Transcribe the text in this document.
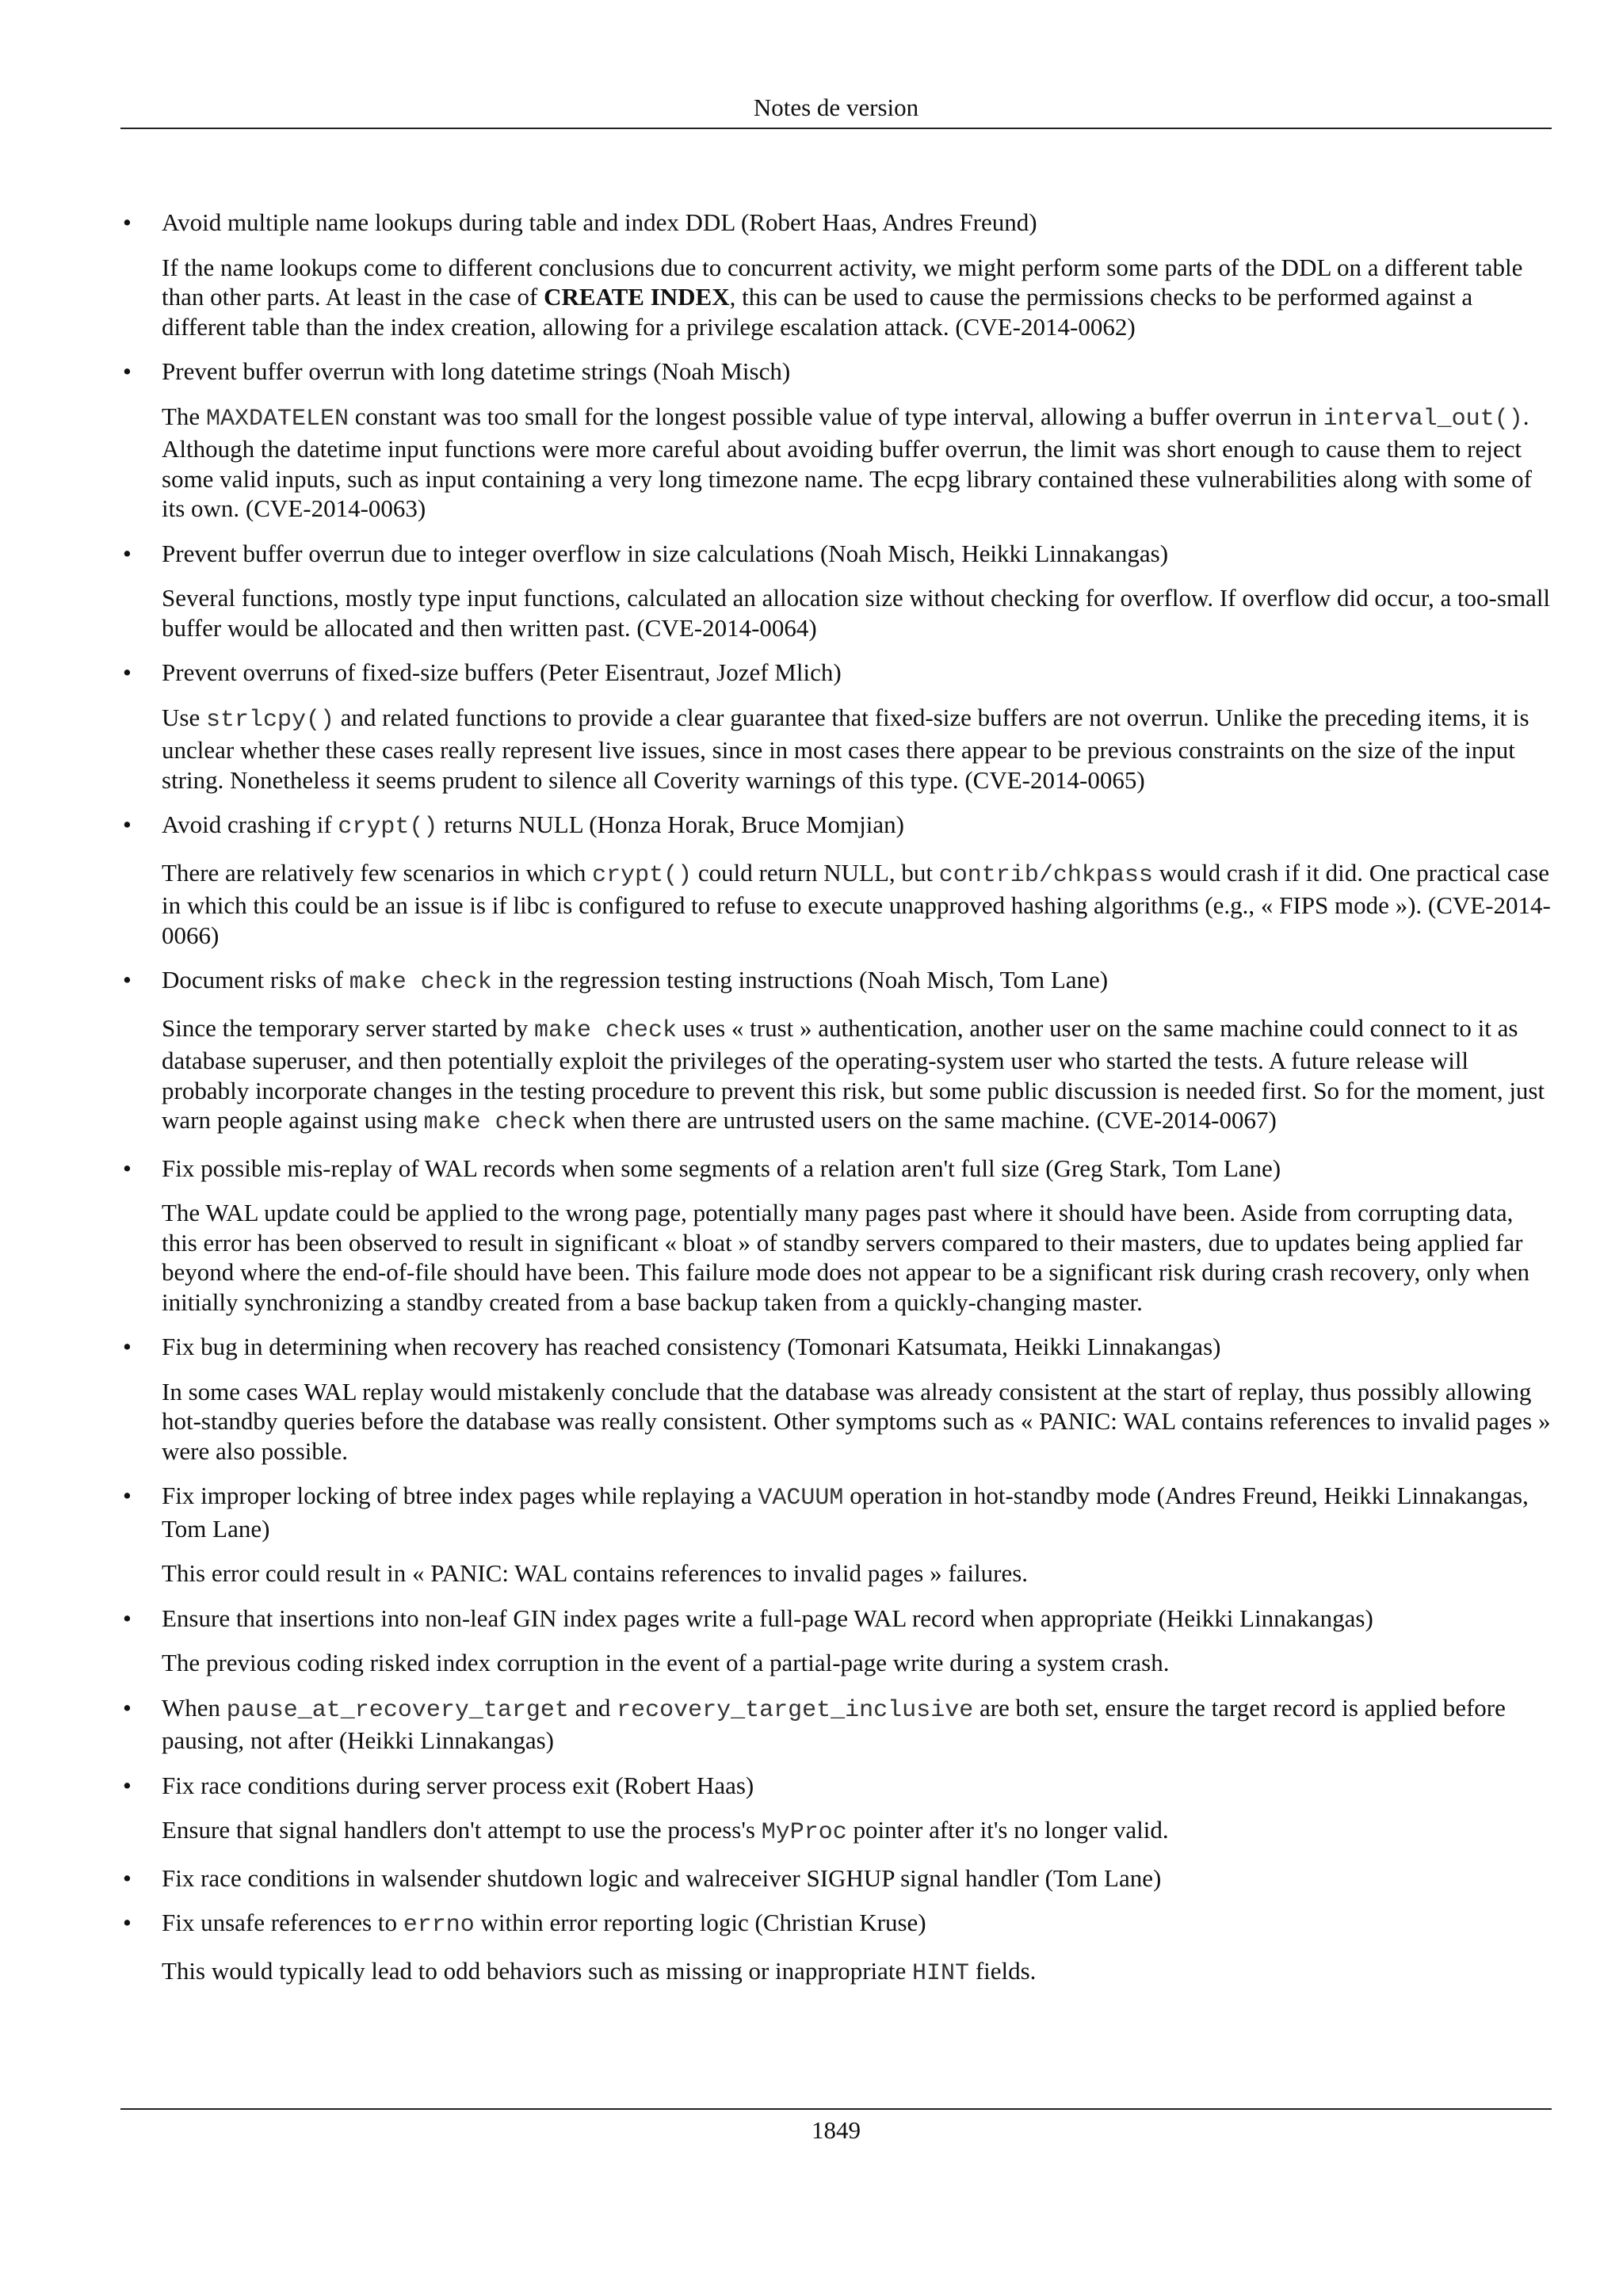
Notes de version

Avoid multiple name lookups during table and index DDL (Robert Haas, Andres Freund)

If the name lookups come to different conclusions due to concurrent activity, we might perform some parts of the DDL on a different table than other parts. At least in the case of CREATE INDEX, this can be used to cause the permissions checks to be performed against a different table than the index creation, allowing for a privilege escalation attack. (CVE-2014-0062)

Prevent buffer overrun with long datetime strings (Noah Misch)

The MAXDATELEN constant was too small for the longest possible value of type interval, allowing a buffer overrun in interval_out(). Although the datetime input functions were more careful about avoiding buffer overrun, the limit was short enough to cause them to reject some valid inputs, such as input containing a very long timezone name. The ecpg library contained these vulnerabilities along with some of its own. (CVE-2014-0063)

Prevent buffer overrun due to integer overflow in size calculations (Noah Misch, Heikki Linnakangas)

Several functions, mostly type input functions, calculated an allocation size without checking for overflow. If overflow did occur, a too-small buffer would be allocated and then written past. (CVE-2014-0064)

Prevent overruns of fixed-size buffers (Peter Eisentraut, Jozef Mlich)

Use strlcpy() and related functions to provide a clear guarantee that fixed-size buffers are not overrun. Unlike the preceding items, it is unclear whether these cases really represent live issues, since in most cases there appear to be previous constraints on the size of the input string. Nonetheless it seems prudent to silence all Coverity warnings of this type. (CVE-2014-0065)

Avoid crashing if crypt() returns NULL (Honza Horak, Bruce Momjian)

There are relatively few scenarios in which crypt() could return NULL, but contrib/chkpass would crash if it did. One practical case in which this could be an issue is if libc is configured to refuse to execute unapproved hashing algorithms (e.g., « FIPS mode »). (CVE-2014-0066)

Document risks of make check in the regression testing instructions (Noah Misch, Tom Lane)

Since the temporary server started by make check uses « trust » authentication, another user on the same machine could connect to it as database superuser, and then potentially exploit the privileges of the operating-system user who started the tests. A future release will probably incorporate changes in the testing procedure to prevent this risk, but some public discussion is needed first. So for the moment, just warn people against using make check when there are untrusted users on the same machine. (CVE-2014-0067)

Fix possible mis-replay of WAL records when some segments of a relation aren't full size (Greg Stark, Tom Lane)

The WAL update could be applied to the wrong page, potentially many pages past where it should have been. Aside from corrupting data, this error has been observed to result in significant « bloat » of standby servers compared to their masters, due to updates being applied far beyond where the end-of-file should have been. This failure mode does not appear to be a significant risk during crash recovery, only when initially synchronizing a standby created from a base backup taken from a quickly-changing master.

Fix bug in determining when recovery has reached consistency (Tomonari Katsumata, Heikki Linnakangas)

In some cases WAL replay would mistakenly conclude that the database was already consistent at the start of replay, thus possibly allowing hot-standby queries before the database was really consistent. Other symptoms such as « PANIC: WAL contains references to invalid pages » were also possible.

Fix improper locking of btree index pages while replaying a VACUUM operation in hot-standby mode (Andres Freund, Heikki Linnakangas, Tom Lane)

This error could result in « PANIC: WAL contains references to invalid pages » failures.

Ensure that insertions into non-leaf GIN index pages write a full-page WAL record when appropriate (Heikki Linnakangas)

The previous coding risked index corruption in the event of a partial-page write during a system crash.

When pause_at_recovery_target and recovery_target_inclusive are both set, ensure the target record is applied before pausing, not after (Heikki Linnakangas)

Fix race conditions during server process exit (Robert Haas)

Ensure that signal handlers don't attempt to use the process's MyProc pointer after it's no longer valid.

Fix race conditions in walsender shutdown logic and walreceiver SIGHUP signal handler (Tom Lane)

Fix unsafe references to errno within error reporting logic (Christian Kruse)

This would typically lead to odd behaviors such as missing or inappropriate HINT fields.

1849
